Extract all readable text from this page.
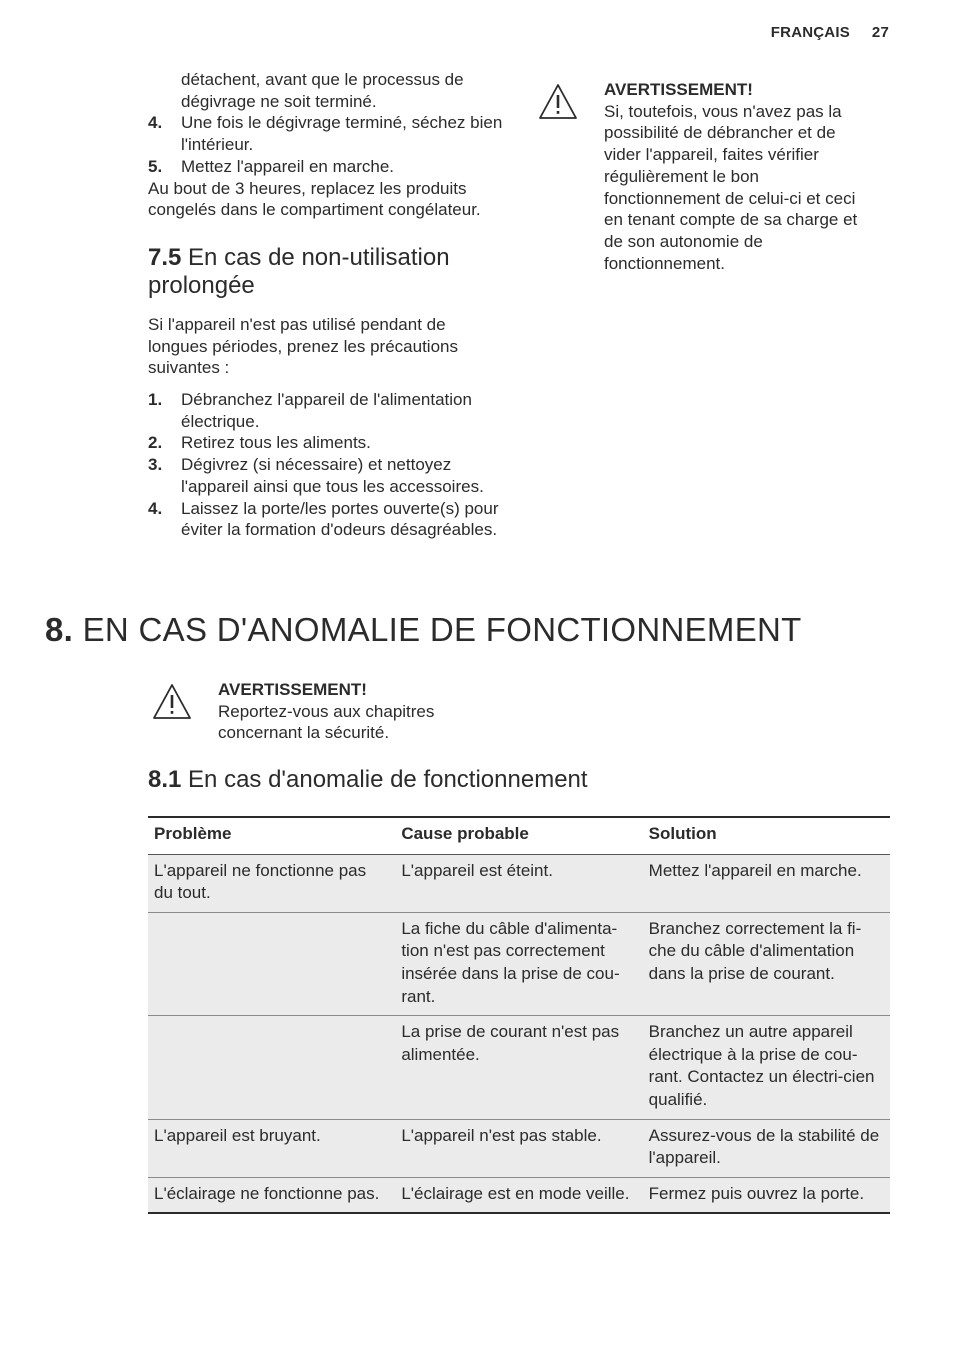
FRANÇAIS 27

détachent, avant que le processus de dégivrage ne soit terminé.

4. Une fois le dégivrage terminé, séchez bien l'intérieur.

5. Mettez l'appareil en marche.

Au bout de 3 heures, replacez les produits congelés dans le compartiment congélateur.

7.5 En cas de non-utilisation prolongée

Si l'appareil n'est pas utilisé pendant de longues périodes, prenez les précautions suivantes :

1. Débranchez l'appareil de l'alimentation électrique.

2. Retirez tous les aliments.

3. Dégivrez (si nécessaire) et nettoyez l'appareil ainsi que tous les accessoires.

4. Laissez la porte/les portes ouverte(s) pour éviter la formation d'odeurs désagréables.

AVERTISSEMENT!
Si, toutefois, vous n'avez pas la possibilité de débrancher et de vider l'appareil, faites vérifier régulièrement le bon fonctionnement de celui-ci et ceci en tenant compte de sa charge et de son autonomie de fonctionnement.
8. EN CAS D'ANOMALIE DE FONCTIONNEMENT
AVERTISSEMENT!
Reportez-vous aux chapitres concernant la sécurité.
8.1 En cas d'anomalie de fonctionnement
Problème	Cause probable	Solution
L'appareil ne fonctionne pas du tout.	L'appareil est éteint.	Mettez l'appareil en marche.
	La fiche du câble d'alimenta-tion n'est pas correctement insérée dans la prise de cou-rant.	Branchez correctement la fi-che du câble d'alimentation dans la prise de courant.
	La prise de courant n'est pas alimentée.	Branchez un autre appareil électrique à la prise de cou-rant. Contactez un électri-cien qualifié.
L'appareil est bruyant.	L'appareil n'est pas stable.	Assurez-vous de la stabilité de l'appareil.
L'éclairage ne fonctionne pas.	L'éclairage est en mode veille.	Fermez puis ouvrez la porte.
